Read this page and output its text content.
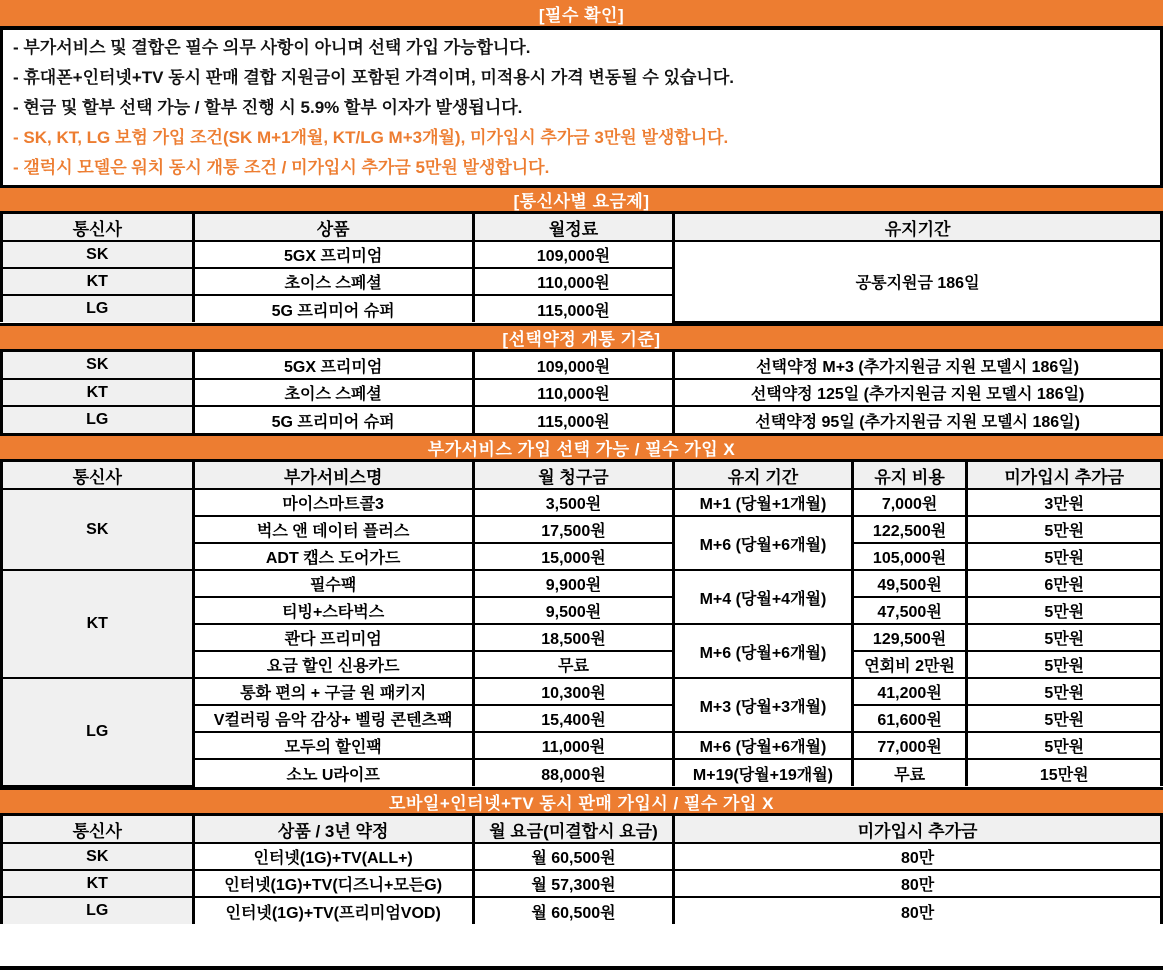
[필수 확인]
- 부가서비스 및 결합은 필수 의무 사항이 아니며 선택 가입 가능합니다.
- 휴대폰+인터넷+TV 동시 판매 결합 지원금이 포함된 가격이며, 미적용시 가격 변동될 수 있습니다.
- 현금 및 할부 선택 가능 / 할부 진행 시 5.9% 할부 이자가 발생됩니다.
- SK, KT, LG 보험 가입 조건(SK M+1개월, KT/LG M+3개월), 미가입시 추가금 3만원 발생합니다.
- 갤럭시 모델은 워치 동시 개통 조건 / 미가입시 추가금 5만원 발생합니다.
[통신사별 요금제]
통신사	상품	월정료	유지기간
SK	5GX 프리미엄	109,000원	공통지원금 186일
KT	초이스 스페셜	110,000원	
LG	5G 프리미어 슈퍼	115,000원	
[선택약정 개통 기준]
SK	5GX 프리미엄	109,000원	선택약정 M+3 (추가지원금 지원 모델시 186일)
KT	초이스 스페셜	110,000원	선택약정 125일 (추가지원금 지원 모델시 186일)
LG	5G 프리미어 슈퍼	115,000원	선택약정 95일 (추가지원금 지원 모델시 186일)
부가서비스 가입 선택 가능 / 필수 가입 X
통신사	부가서비스명	월 청구금	유지 기간	유지 비용	미가입시 추가금
SK	마이스마트콜3	3,500원	M+1 (당월+1개월)	7,000원	3만원
	벅스 앤 데이터 플러스	17,500원	M+6 (당월+6개월)	122,500원	5만원
	ADT 캡스 도어가드	15,000원		105,000원	5만원
KT	필수팩	9,900원	M+4 (당월+4개월)	49,500원	6만원
	티빙+스타벅스	9,500원		47,500원	5만원
	콴다 프리미엄	18,500원	M+6 (당월+6개월)	129,500원	5만원
	요금 할인 신용카드	무료		연회비 2만원	5만원
LG	통화 편의 + 구글 원 패키지	10,300원	M+3 (당월+3개월)	41,200원	5만원
	V컬러링 음악 감상+ 벨링 콘텐츠팩	15,400원		61,600원	5만원
	모두의 할인팩	11,000원	M+6 (당월+6개월)	77,000원	5만원
	소노 U라이프	88,000원	M+19(당월+19개월)	무료	15만원
모바일+인터넷+TV 동시 판매 가입시 / 필수 가입 X
통신사	상품 / 3년 약정	월 요금(미결합시 요금)	미가입시 추가금
SK	인터넷(1G)+TV(ALL+)	월 60,500원	80만
KT	인터넷(1G)+TV(디즈니+모든G)	월 57,300원	80만
LG	인터넷(1G)+TV(프리미엄VOD)	월 60,500원	80만
